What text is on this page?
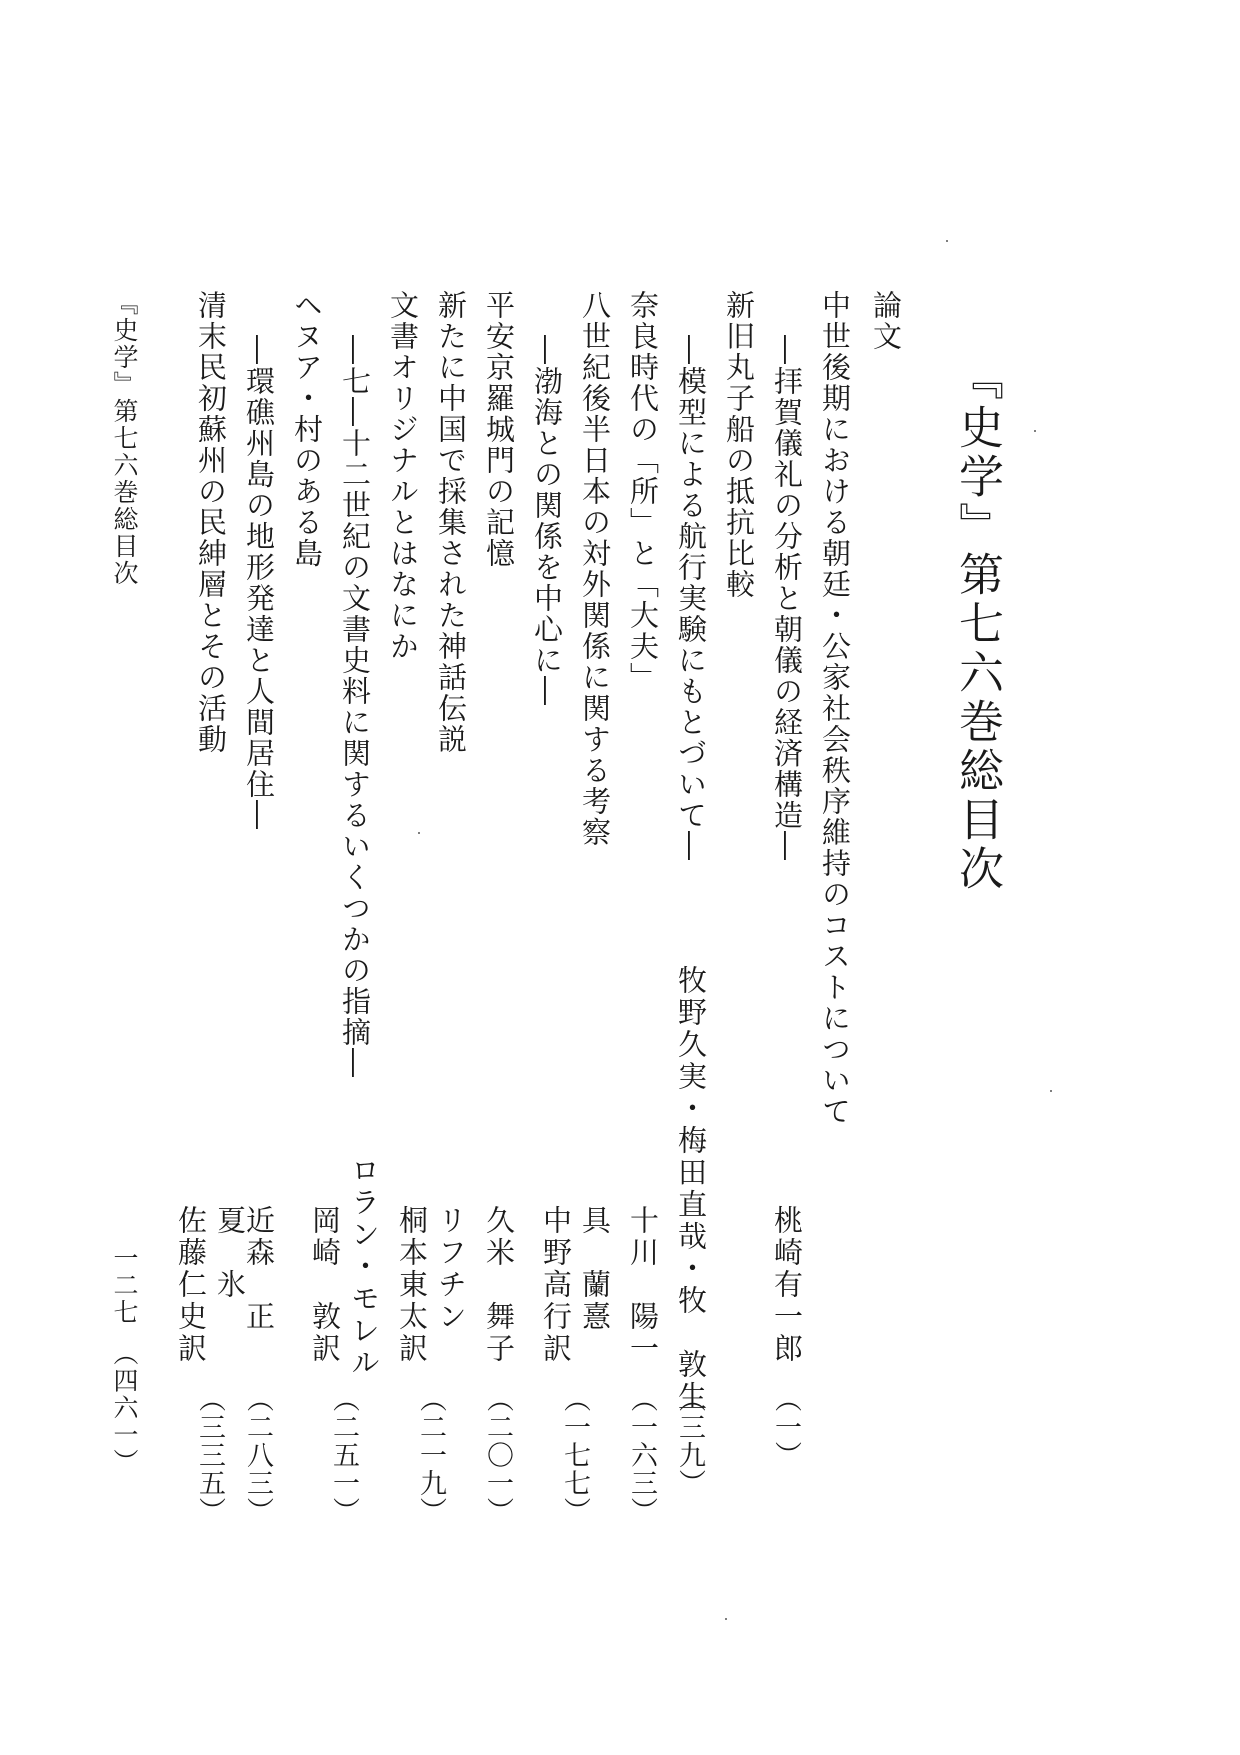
『史学』第七六巻総目次
論文
中世後期における朝廷・公家社会秩序維持のコストについて
―拝賀儀礼の分析と朝儀の経済構造―
桃崎有一郎
（一）
新旧丸子船の抵抗比較
―模型による航行実験にもとづいて―
牧野久実・梅田直哉・牧　敦生
（三九）
奈良時代の「所」と「大夫」
十川　陽一
（一六三）
八世紀後半日本の対外関係に関する考察
―渤海との関係を中心に―
具　蘭憙
中野高行訳
（一七七）
平安京羅城門の記憶
久米　舞子
（二〇一）
新たに中国で採集された神話伝説
リフチン
桐本東太訳
（二一九）
文書オリジナルとはなにか
―七―十二世紀の文書史料に関するいくつかの指摘―
ロラン・モレル
岡崎　敦訳
（二五一）
ヘヌア・村のある島
―環礁州島の地形発達と人間居住―
近森　正
（二八三）
清末民初蘇州の民紳層とその活動
夏　氷
佐藤仁史訳
（三三五）
『史学』第七六巻総目次
一二七　（四六一）
